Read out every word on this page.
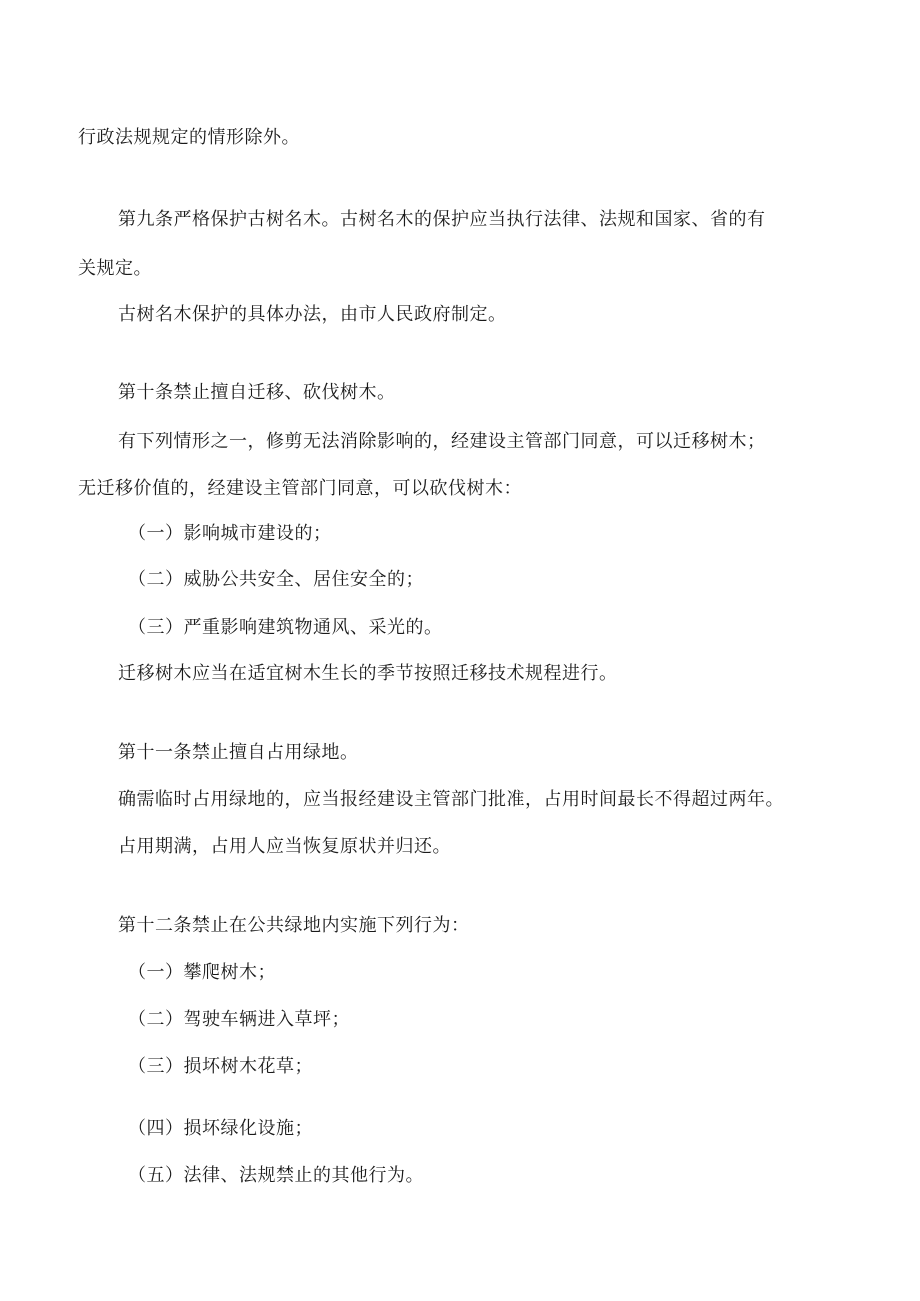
行政法规规定的情形除外。
第九条严格保护古树名木。古树名木的保护应当执行法律、法规和国家、省的有
关规定。
古树名木保护的具体办法，由市人民政府制定。
第十条禁止擅自迁移、砍伐树木。
有下列情形之一，修剪无法消除影响的，经建设主管部门同意，可以迁移树木；
无迁移价值的，经建设主管部门同意，可以砍伐树木：
（一）影响城市建设的；
（二）威胁公共安全、居住安全的；
（三）严重影响建筑物通风、采光的。
迁移树木应当在适宜树木生长的季节按照迁移技术规程进行。
第十一条禁止擅自占用绿地。
确需临时占用绿地的，应当报经建设主管部门批准，占用时间最长不得超过两年。
占用期满，占用人应当恢复原状并归还。
第十二条禁止在公共绿地内实施下列行为：
（一）攀爬树木；
（二）驾驶车辆进入草坪；
（三）损坏树木花草；
（四）损坏绿化设施；
（五）法律、法规禁止的其他行为。
